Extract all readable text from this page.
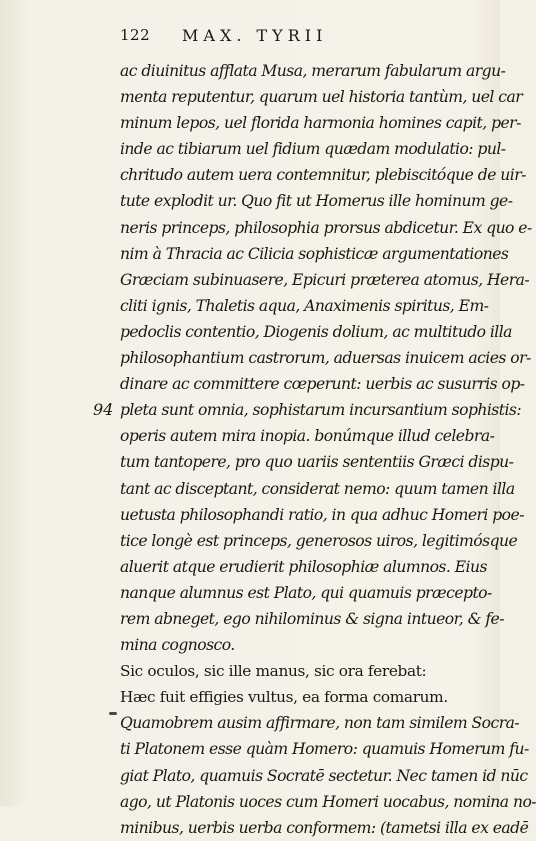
122 MAX. TYRII
ac diuinitus afflata Musa, merarum fabularum argu-
menta reputentur, quarum uel historia tantùm, uel car
minum lepos, uel florida harmonia homines capit, per-
inde ac tibiarum uel fidium quædam modulatio: pul-
chritudo autem uera contemnitur, plebiscitóque de uir-
tute explodit ur. Quo fit ut Homerus ille hominum ge-
neris princeps, philosophia prorsus abdicetur. Ex quo e-
nim à Thracia ac Cilicia sophisticæ argumentationes
Græciam subinuasere, Epicuri præterea atomus, Hera-
cliti ignis, Thaletis aqua, Anaximenis spiritus, Em-
pedoclis contentio, Diogenis dolium, ac multitudo illa
philosophantium castrorum, aduersas inuicem acies or-
dinare ac committere cœperunt: uerbis ac susurris op-
pleta sunt omnia, sophistarum incursantium sophistis:
operis autem mira inopia. bonúmque illud celebra-
tum tantopere, pro quo uariis sententiis Græci dispu-
tant ac disceptant, considerat nemo: quum tamen illa
uetusta philosophandi ratio, in qua adhuc Homeri poe-
tice longè est princeps, generosos uiros, legitimósque
aluerit atque erudierit philosophiæ alumnos. Eius
nanque alumnus est Plato, qui quamuis præcepto-
rem abneget, ego nihilominus & signa intueor, & fe-
mina cognosco.
Sic oculos, sic ille manus, sic ora ferebat:
Hæc fuit effigies vultus, ea forma comarum.
Quamobrem ausim affirmare, non tam similem Socra-
ti Platonem esse quàm Homero: quamuis Homerum fu-
giat Plato, quamuis Socratē sectetur. Nec tamen id nūc
ago, ut Platonis uoces cum Homeri uocabus, nomina no-
minibus, uerbis uerba conformem: (tametsi illa ex eadē
94
